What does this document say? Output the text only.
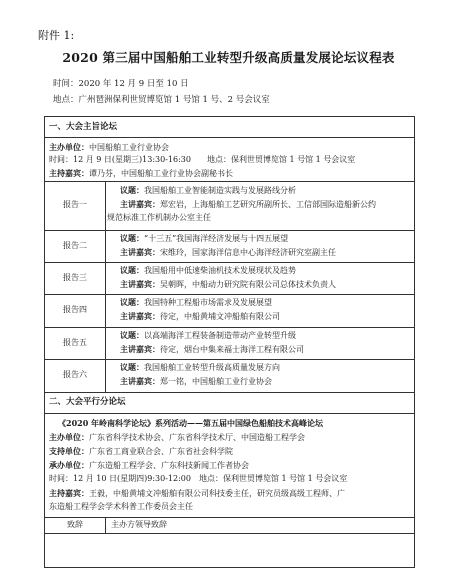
附件 1:
2020 第三届中国船舶工业转型升级高质量发展论坛议程表
时间：2020 年 12 月 9 日至 10 日
地点：广州琶洲保利世贸博览馆 1 号馆 1 号、2 号会议室
一、大会主旨论坛
主办单位：中国船舶工业行业协会
时间：12 月 9 日(星期三)13:30-16:30　　地点：保利世贸博览馆 1 号馆 1 号会议室
主持嘉宾：谭乃芬，中国船舶工业行业协会副秘书长
报告一
议题：我国船舶工业智能制造实践与发展路线分析
主讲嘉宾：郑宏岩，上海船舶工艺研究所副所长、工信部国际造船新公约
规范标准工作机制办公室主任
报告二
议题：“十三五”我国海洋经济发展与十四五展望
主讲嘉宾：宋维玲，国家海洋信息中心海洋经济研究室副主任
报告三
议题：我国船用中低速柴油机技术发展现状及趋势
主讲嘉宾：吴朝晖，中船动力研究院有限公司总体技术负责人
报告四
议题：我国特种工程船市场需求及发展展望
主讲嘉宾：待定，中船黄埔文冲船舶有限公司
报告五
议题：以高端海洋工程装备制造带动产业转型升级
主讲嘉宾：待定，烟台中集来福士海洋工程有限公司
报告六
议题：我国船舶工业转型升级高质量发展方向
主讲嘉宾：郑一铭，中国船舶工业行业协会
二、大会平行分论坛
《2020 年岭南科学论坛》系列活动——第五届中国绿色船舶技术高峰论坛
主办单位：广东省科学技术协会、广东省科学技术厅、中国造船工程学会
支持单位：广东省工商业联合会、广东省社会科学院
承办单位：广东造船工程学会、广东科技新闻工作者协会
时间：12 月 10 日(星期四)9:30-12:00　地点：保利世贸博览馆 1 号馆 1 号会议室
主持嘉宾：王毅，中船黄埔文冲船舶有限公司科技委主任，研究员级高级工程师、广
东造船工程学会学术科普工作委员会主任
致辞	主办方领导致辞
